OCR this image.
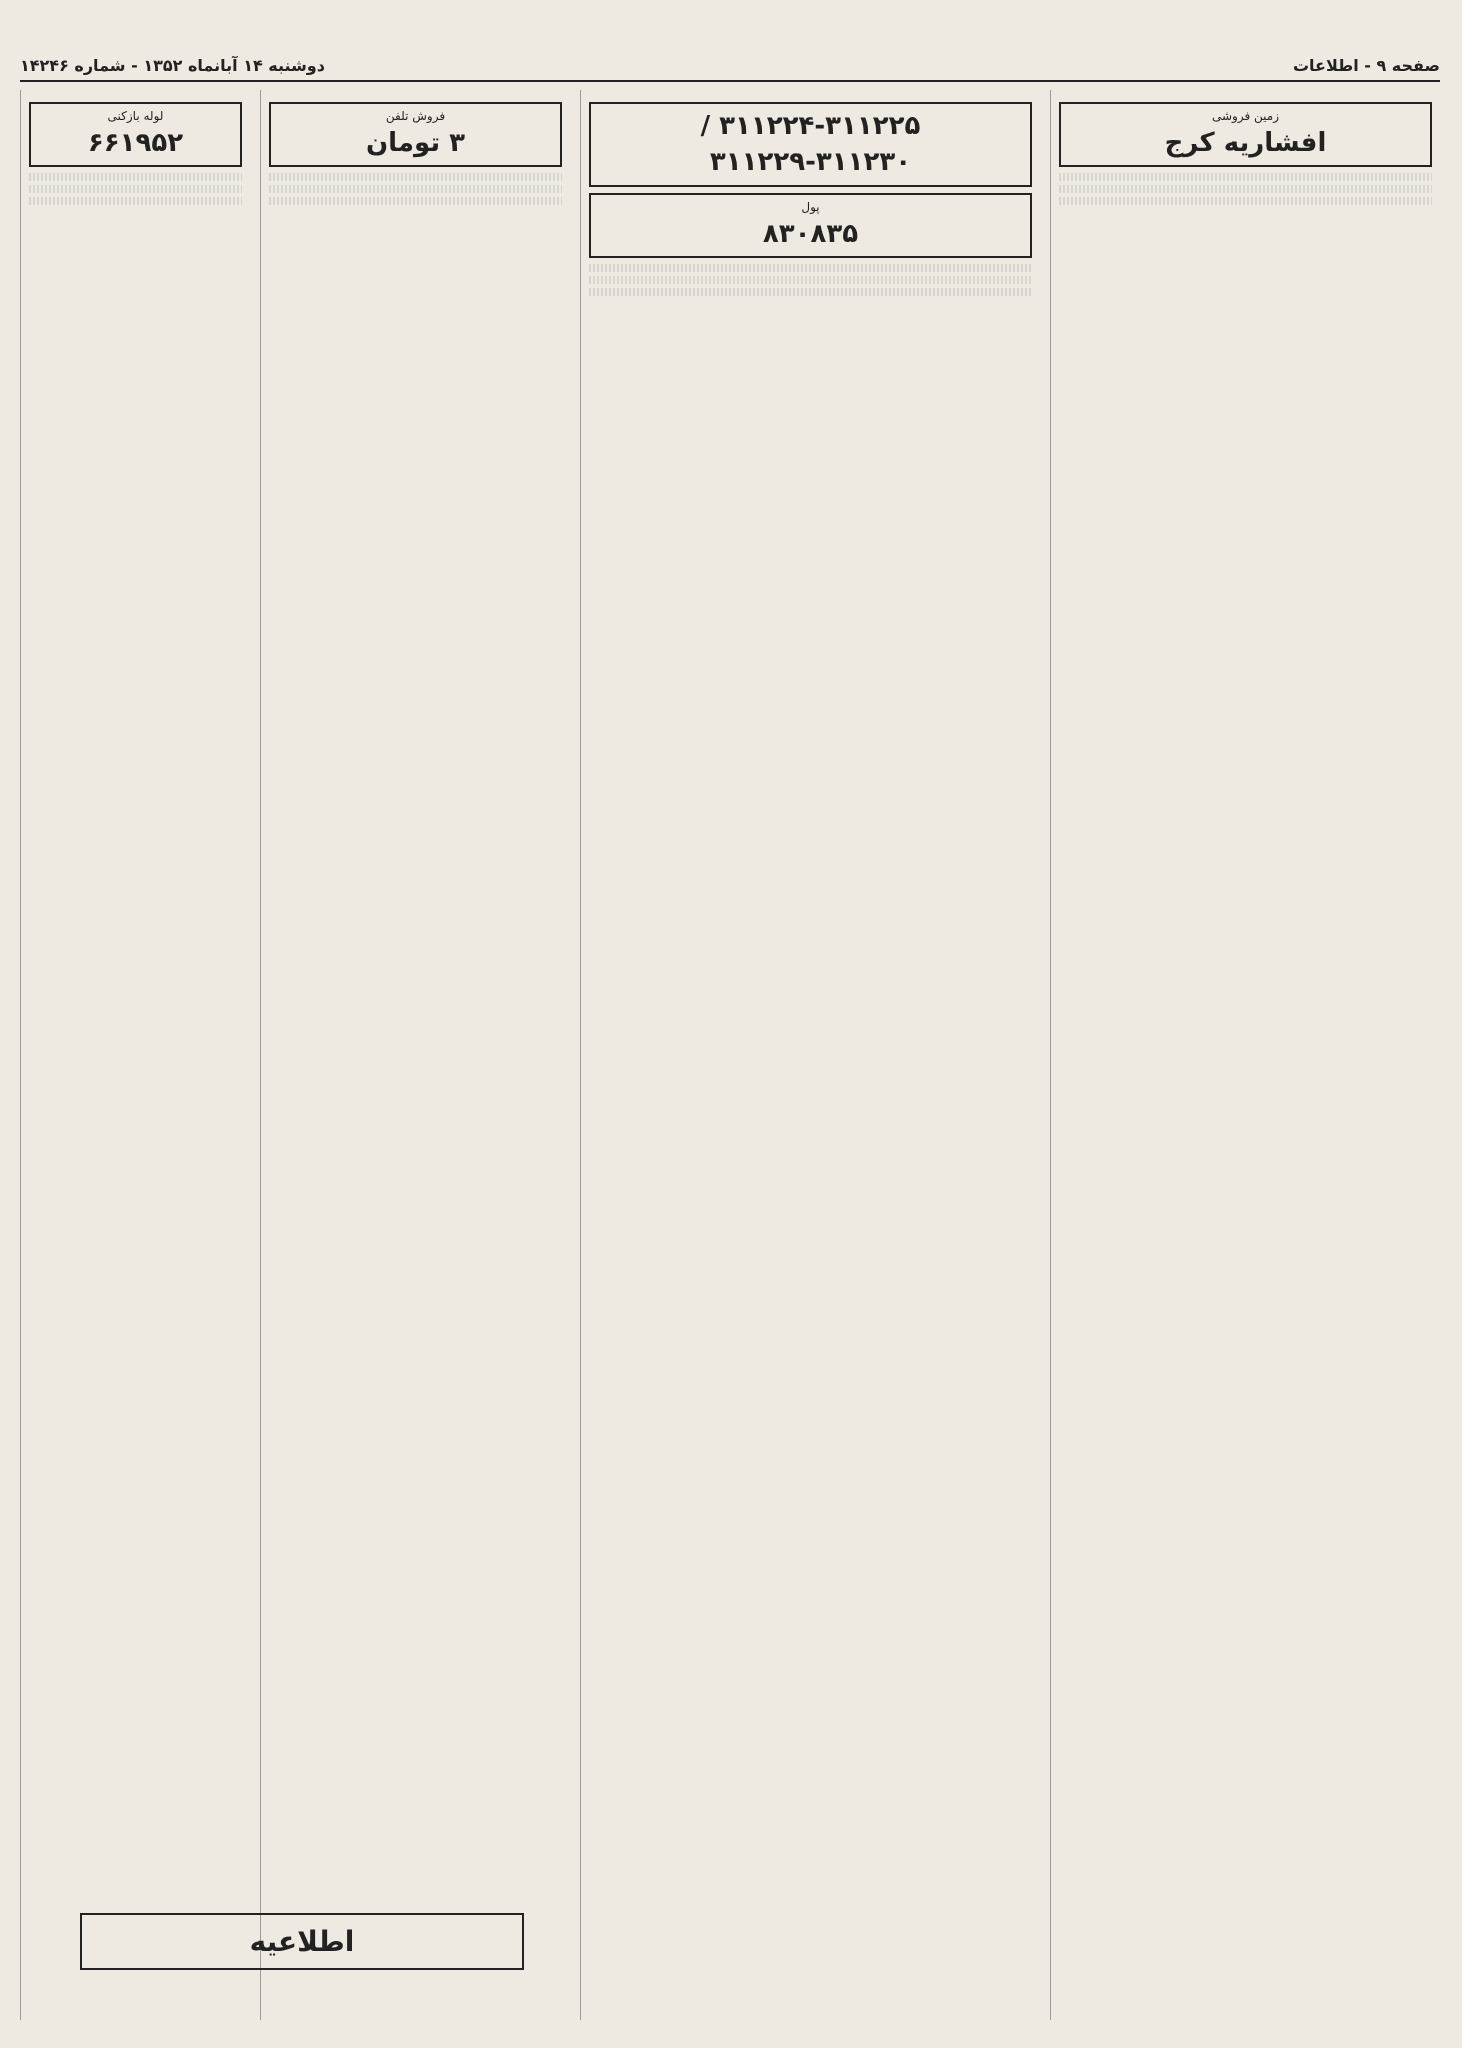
صفحه ۹ - اطلاعات
دوشنبه ۱۴ آبانماه ۱۳۵۲ - شماره ۱۴۲۴۶
لوله بازکنی
۶۶۱۹۵۲
فروش تلفن
۳ تومان
۳۱۱۲۲۴-۳۱۱۲۲۵ / ۳۱۱۲۲۹-۳۱۱۲۳۰
پول
۸۳۰۸۳۵
زمین فروشی
افشاریه کرج
اطلاعیه
